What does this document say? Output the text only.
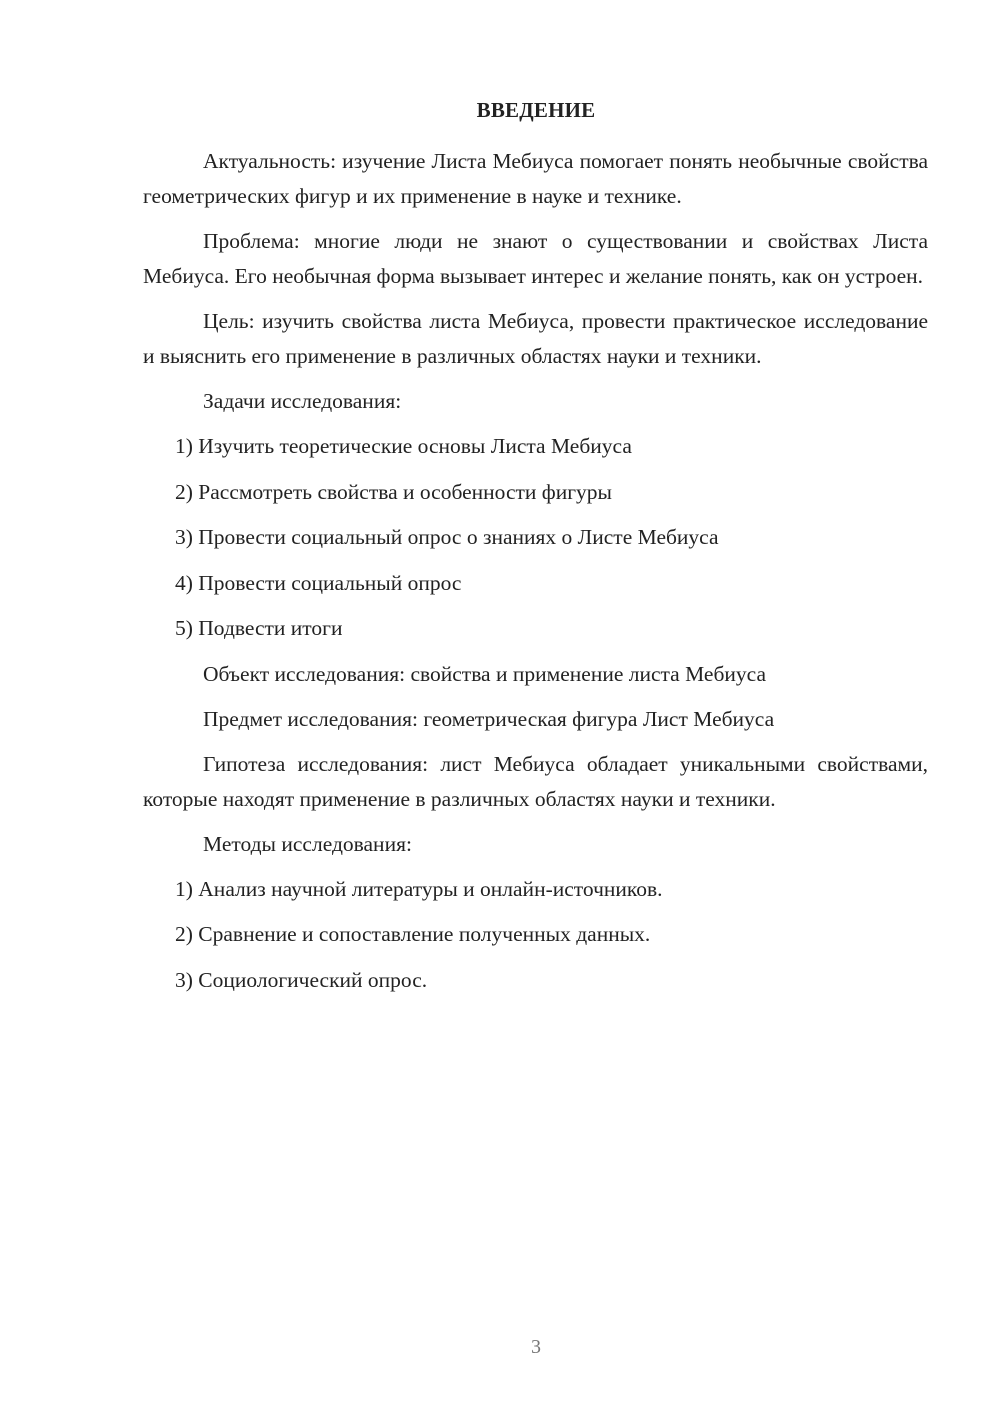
ВВЕДЕНИЕ

Актуальность: изучение Листа Мебиуса помогает понять необычные свойства геометрических фигур и их применение в науке и технике.

Проблема: многие люди не знают о существовании и свойствах Листа Мебиуса. Его необычная форма вызывает интерес и желание понять, как он устроен.

Цель: изучить свойства листа Мебиуса, провести практическое исследование и выяснить его применение в различных областях науки и техники.

Задачи исследования:

1) Изучить теоретические основы Листа Мебиуса

2) Рассмотреть свойства и особенности фигуры

3) Провести социальный опрос о знаниях о Листе Мебиуса

4) Провести социальный опрос

5) Подвести итоги

Объект исследования: свойства и применение листа Мебиуса

Предмет исследования: геометрическая фигура Лист Мебиуса

Гипотеза исследования: лист Мебиуса обладает уникальными свойствами, которые находят применение в различных областях науки и техники.

Методы исследования:

1) Анализ научной литературы и онлайн-источников.

2) Сравнение и сопоставление полученных данных.

3) Социологический опрос.

3
